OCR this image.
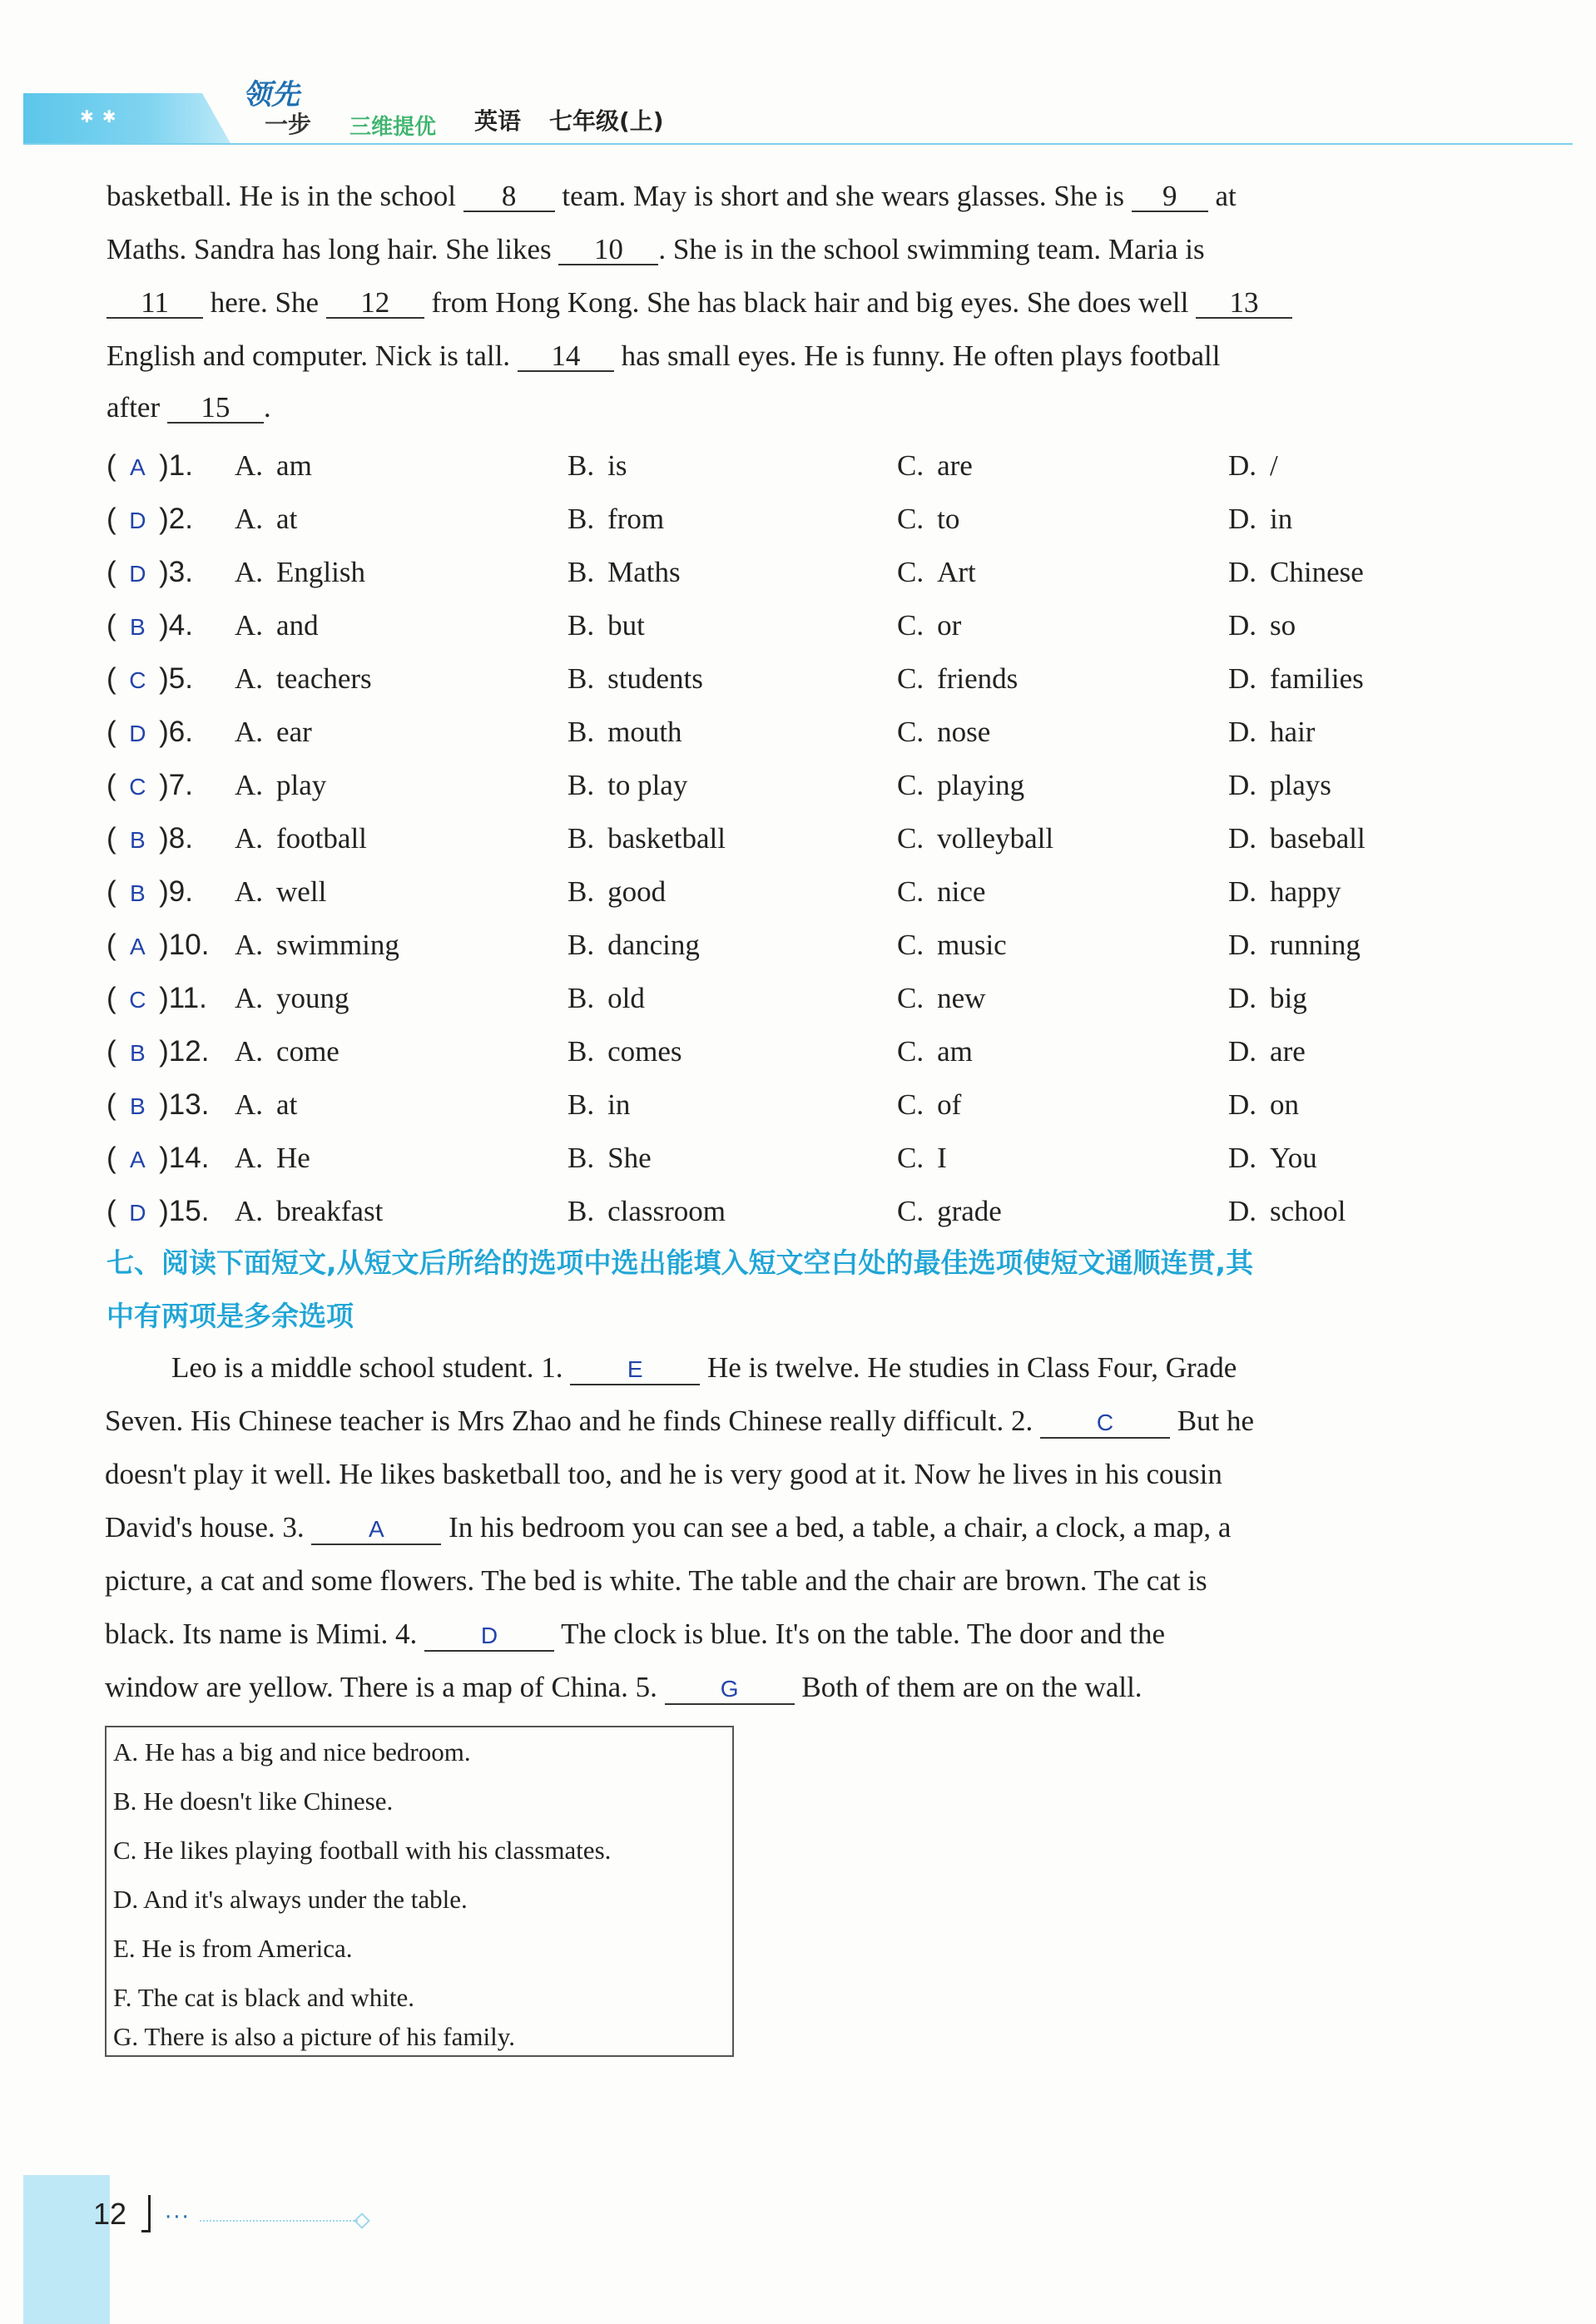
✱✱
领先
一步 三维提优 英语 七年级(上)
basketball. He is in the school 8 team. May is short and she wears glasses. She is 9 at
Maths. Sandra has long hair. She likes 10 . She is in the school swimming team. Maria is
11 here. She 12 from Hong Kong. She has black hair and big eyes. She does well 13
English and computer. Nick is tall. 14 has small eyes. He is funny. He often plays football
after 15 .
( A )1. A. am	B. is	C. are	D. /
( D )2. A. at	B. from	C. to	D. in
( D )3. A. English	B. Maths	C. Art	D. Chinese
( B )4. A. and	B. but	C. or	D. so
( C )5. A. teachers	B. students	C. friends	D. families
( D )6. A. ear	B. mouth	C. nose	D. hair
( C )7. A. play	B. to play	C. playing	D. plays
( B )8. A. football	B. basketball	C. volleyball	D. baseball
( B )9. A. well	B. good	C. nice	D. happy
( A )10. A. swimming	B. dancing	C. music	D. running
( C )11. A. young	B. old	C. new	D. big
( B )12. A. come	B. comes	C. am	D. are
( B )13. A. at	B. in	C. of	D. on
( A )14. A. He	B. She	C. I	D. You
( D )15. A. breakfast	B. classroom	C. grade	D. school
七、阅读下面短文,从短文后所给的选项中选出能填入短文空白处的最佳选项使短文通顺连贯,其
中有两项是多余选项
Leo is a middle school student. 1. E He is twelve. He studies in Class Four, Grade
Seven. His Chinese teacher is Mrs Zhao and he finds Chinese really difficult. 2. C But he
doesn't play it well. He likes basketball too, and he is very good at it. Now he lives in his cousin
David's house. 3. A In his bedroom you can see a bed, a table, a chair, a clock, a map, a
picture, a cat and some flowers. The bed is white. The table and the chair are brown. The cat is
black. Its name is Mimi. 4. D The clock is blue. It's on the table. The door and the
window are yellow. There is a map of China. 5. G Both of them are on the wall.
A. He has a big and nice bedroom.
B. He doesn't like Chinese.
C. He likes playing football with his classmates.
D. And it's always under the table.
E. He is from America.
F. The cat is black and white.
G. There is also a picture of his family.
12 ···
